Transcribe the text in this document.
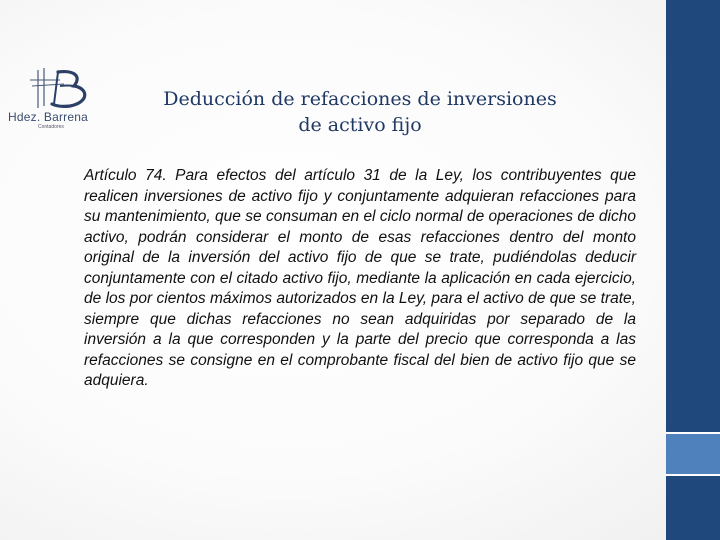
Hdez. Barrena
Contadores
Deducción de refacciones de inversiones de activo fijo

Artículo 74. Para efectos del artículo 31 de la Ley, los contribuyentes que realicen inversiones de activo fijo y conjuntamente adquieran refacciones para su mantenimiento, que se consuman en el ciclo normal de operaciones de dicho activo, podrán considerar el monto de esas refacciones dentro del monto original de la inversión del activo fijo de que se trate, pudiéndolas deducir conjuntamente con el citado activo fijo, mediante la aplicación en cada ejercicio, de los por cientos máximos autorizados en la Ley, para el activo de que se trate, siempre que dichas refacciones no sean adquiridas por separado de la inversión a la que corresponden y la parte del precio que corresponda a las refacciones se consigne en el comprobante fiscal del bien de activo fijo que se adquiera.
